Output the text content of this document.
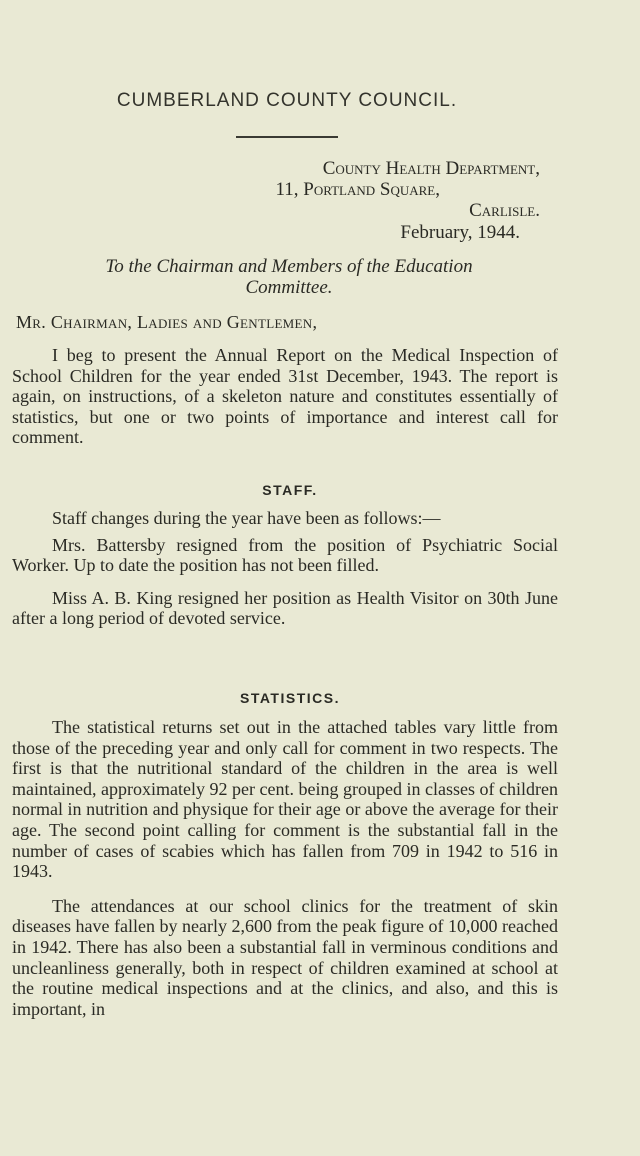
CUMBERLAND COUNTY COUNCIL.
County Health Department,
11, Portland Square,
Carlisle.
February, 1944.
To the Chairman and Members of the Education
Committee.
Mr. Chairman, Ladies and Gentlemen,

I beg to present the Annual Report on the Medical Inspection of School Children for the year ended 31st December, 1943. The report is again, on instructions, of a skeleton nature and constitutes essentially of statistics, but one or two points of importance and interest call for comment.

STAFF.

Staff changes during the year have been as follows:—

Mrs. Battersby resigned from the position of Psychiatric Social Worker. Up to date the position has not been filled.

Miss A. B. King resigned her position as Health Visitor on 30th June after a long period of devoted service.

STATISTICS.

The statistical returns set out in the attached tables vary little from those of the preceding year and only call for comment in two respects. The first is that the nutritional standard of the children in the area is well maintained, approximately 92 per cent. being grouped in classes of children normal in nutrition and physique for their age or above the average for their age. The second point calling for comment is the substantial fall in the number of cases of scabies which has fallen from 709 in 1942 to 516 in 1943.

The attendances at our school clinics for the treatment of skin diseases have fallen by nearly 2,600 from the peak figure of 10,000 reached in 1942. There has also been a substantial fall in verminous conditions and uncleanliness generally, both in respect of children examined at school at the routine medical inspections and at the clinics, and also, and this is important, in
